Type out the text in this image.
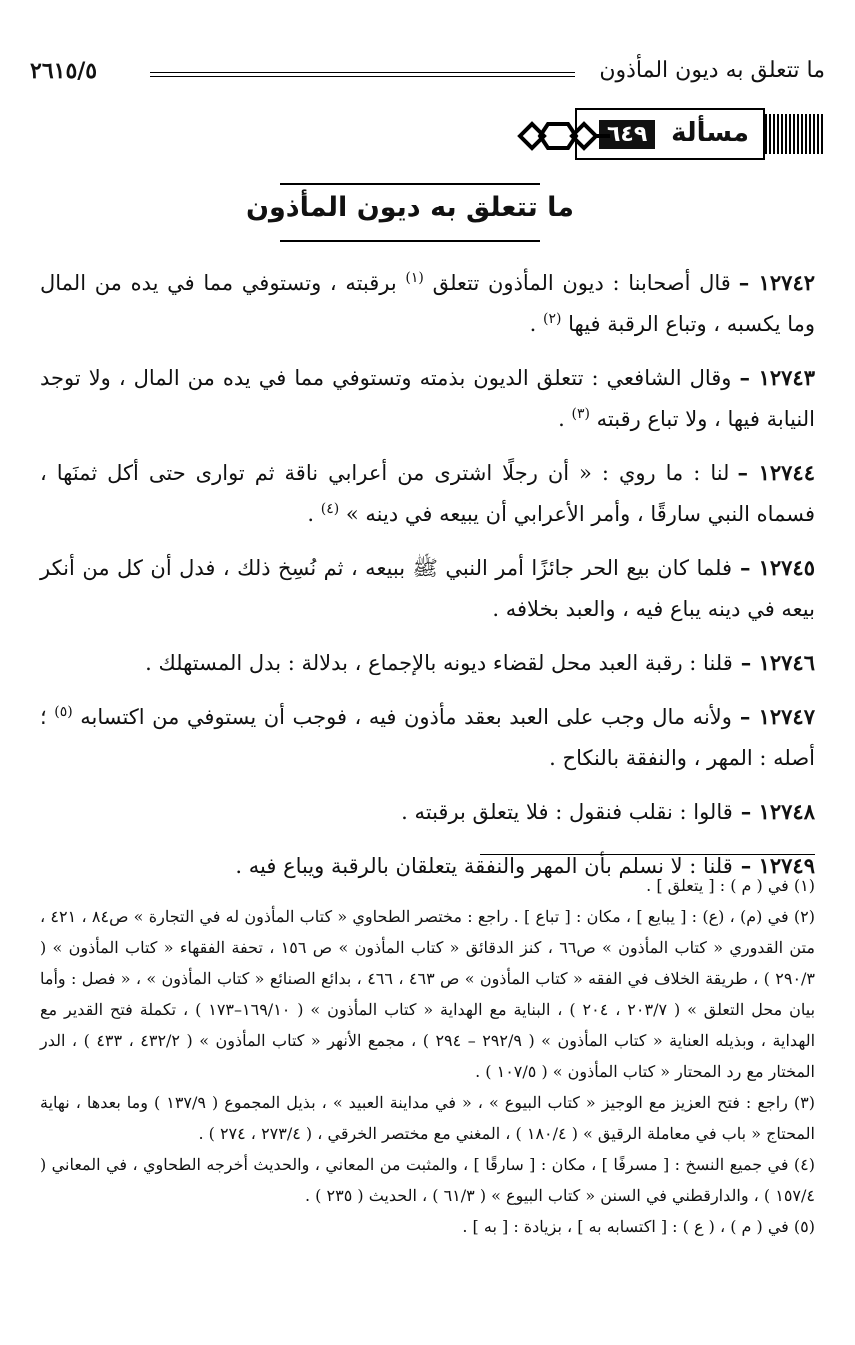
ما تتعلق به ديون المأذون
٢٦١٥/٥
مسألة
٦٤٩
ما تتعلق به ديون المأذون

١٢٧٤٢ –قال أصحابنا : ديون المأذون تتعلق $^{(١)}$ برقبته ، وتستوفي مما في يده من المال وما يكسبه ، وتباع الرقبة فيها $^{(٢)}$ .

١٢٧٤٣ –وقال الشافعي : تتعلق الديون بذمته وتستوفي مما في يده من المال ، ولا توجد النيابة فيها ، ولا تباع رقبته $^{(٣)}$ .

١٢٧٤٤ –لنا : ما روي : « أن رجلًا اشترى من أعرابي ناقة ثم توارى حتى أكل ثمنَها ، فسماه النبي سارقًا ، وأمر الأعرابي أن يبيعه في دينه » $^{(٤)}$ .

١٢٧٤٥ –فلما كان بيع الحر جائزًا أمر النبي ﷺ ببيعه ، ثم نُسِخ ذلك ، فدل أن كل من أنكر بيعه في دينه يباع فيه ، والعبد بخلافه .

١٢٧٤٦ –قلنا : رقبة العبد محل لقضاء ديونه بالإجماع ، بدلالة : بدل المستهلك .

١٢٧٤٧ –ولأنه مال وجب على العبد بعقد مأذون فيه ، فوجب أن يستوفي من اكتسابه $^{(٥)}$ ؛ أصله : المهر ، والنفقة بالنكاح .

١٢٧٤٨ –قالوا : نقلب فنقول : فلا يتعلق برقبته .

١٢٧٤٩ –قلنا : لا نسلم بأن المهر والنفقة يتعلقان بالرقبة ويباع فيه .

(١) في ( م ) : [ يتعلق ] .

(٢) في (م) ، (ع) : [ يبايع ] ، مكان : [ تباع ] . راجع : مختصر الطحاوي « كتاب المأذون له في التجارة » ص٨٤ ، ٤٢١ ، متن القدوري « كتاب المأذون » ص٦٦ ، كنز الدقائق « كتاب المأذون » ص ١٥٦ ، تحفة الفقهاء « كتاب المأذون » ( ٢٩٠/٣ ) ، طريقة الخلاف في الفقه « كتاب المأذون » ص ٤٦٣ ، ٤٦٦ ، بدائع الصنائع « كتاب المأذون » ، « فصل : وأما بيان محل التعلق » ( ٢٠٣/٧ ، ٢٠٤ ) ، البناية مع الهداية « كتاب المأذون » ( ١٦٩/١٠–١٧٣ ) ، تكملة فتح القدير مع الهداية ، وبذيله العناية « كتاب المأذون » ( ٢٩٢/٩ – ٢٩٤ ) ، مجمع الأنهر « كتاب المأذون » ( ٤٣٢/٢ ، ٤٣٣ ) ، الدر المختار مع رد المحتار « كتاب المأذون » ( ١٠٧/٥ ) .

(٣) راجع : فتح العزيز مع الوجيز « كتاب البيوع » ، « في مداينة العبيد » ، بذيل المجموع ( ١٣٧/٩ ) وما بعدها ، نهاية المحتاج « باب في معاملة الرقيق » ( ١٨٠/٤ ) ، المغني مع مختصر الخرقي ، ( ٢٧٣/٤ ، ٢٧٤ ) .

(٤) في جميع النسخ : [ مسرفًا ] ، مكان : [ سارقًا ] ، والمثبت من المعاني ، والحديث أخرجه الطحاوي ، في المعاني ( ١٥٧/٤ ) ، والدارقطني في السنن « كتاب البيوع » ( ٦١/٣ ) ، الحديث ( ٢٣٥ ) .

(٥) في ( م ) ، ( ع ) : [ اكتسابه به ] ، بزيادة : [ به ] .
